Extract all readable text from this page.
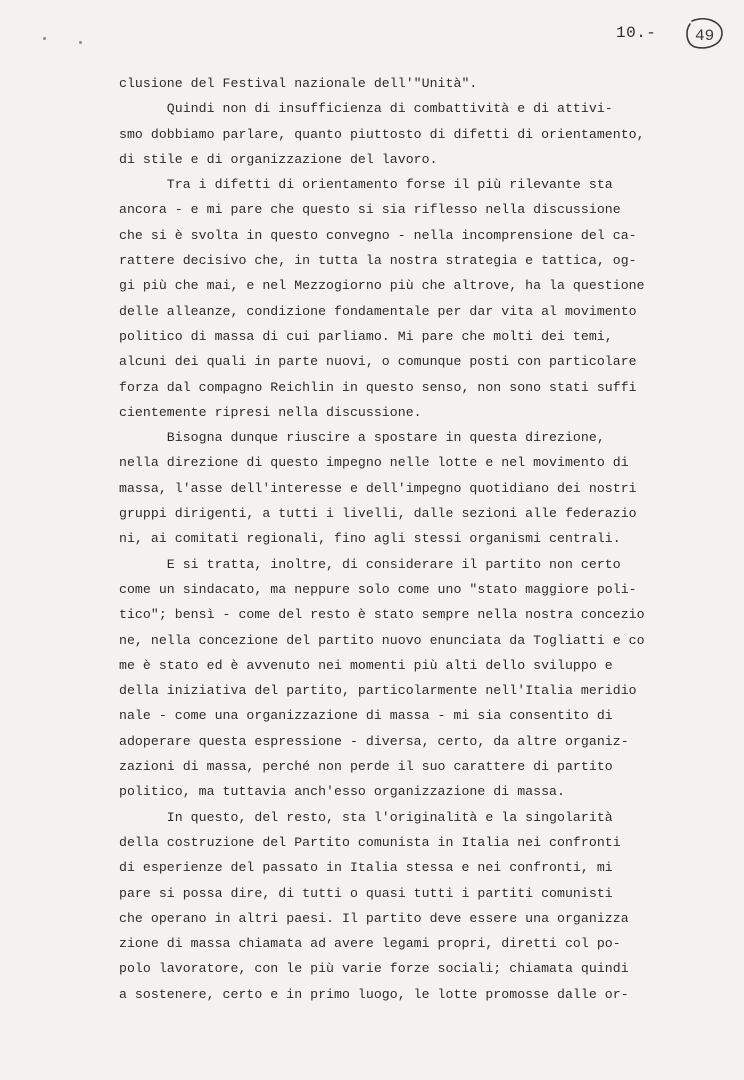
10.- 49
clusione del Festival nazionale dell'"Unità".
Quindi non di insufficienza di combattività e di attivi-
smo dobbiamo parlare, quanto piuttosto di difetti di orientamento,
di stile e di organizzazione del lavoro.
Tra i difetti di orientamento forse il più rilevante sta
ancora - e mi pare che questo si sia riflesso nella discussione
che si è svolta in questo convegno - nella incomprensione del ca-
rattere decisivo che, in tutta la nostra strategia e tattica, og-
gi più che mai, e nel Mezzogiorno più che altrove, ha la questione
delle alleanze, condizione fondamentale per dar vita al movimento
politico di massa di cui parliamo. Mi pare che molti dei temi,
alcuni dei quali in parte nuovi, o comunque posti con particolare
forza dal compagno Reichlin in questo senso, non sono stati suffi
cientemente ripresi nella discussione.
Bisogna dunque riuscire a spostare in questa direzione,
nella direzione di questo impegno nelle lotte e nel movimento di
massa, l'asse dell'interesse e dell'impegno quotidiano dei nostri
gruppi dirigenti, a tutti i livelli, dalle sezioni alle federazio
ni, ai comitati regionali, fino agli stessi organismi centrali.
E si tratta, inoltre, di considerare il partito non certo
come un sindacato, ma neppure solo come uno "stato maggiore poli-
tico"; bensì - come del resto è stato sempre nella nostra concezio
ne, nella concezione del partito nuovo enunciata da Togliatti e co
me è stato ed è avvenuto nei momenti più alti dello sviluppo e
della iniziativa del partito, particolarmente nell'Italia meridio
nale - come una organizzazione di massa - mi sia consentito di
adoperare questa espressione - diversa, certo, da altre organiz-
zazioni di massa, perché non perde il suo carattere di partito
politico, ma tuttavia anch'esso organizzazione di massa.
In questo, del resto, sta l'originalità e la singolarità
della costruzione del Partito comunista in Italia nei confronti
di esperienze del passato in Italia stessa e nei confronti, mi
pare si possa dire, di tutti o quasi tutti i partiti comunisti
che operano in altri paesi. Il partito deve essere una organizza
zione di massa chiamata ad avere legami propri, diretti col po-
polo lavoratore, con le più varie forze sociali; chiamata quindi
a sostenere, certo e in primo luogo, le lotte promosse dalle or-
